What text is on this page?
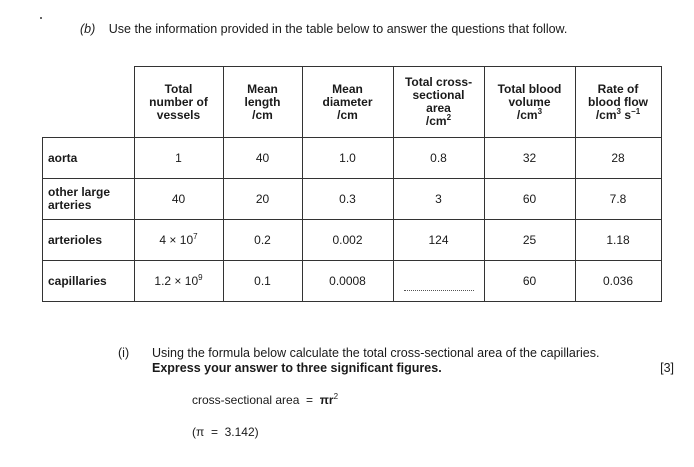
(b) Use the information provided in the table below to answer the questions that follow.
	Total
number of
vessels	Mean
length
/cm	Mean
diameter
/cm	Total cross-
sectional
area
$/cm^2$	Total blood
volume
$/cm^3$	Rate of
blood flow
$/cm^3$ $s^{-1}$
aorta	1	40	1.0	0.8	32	28
other large
arteries	40	20	0.3	3	60	7.8
arterioles	$4 \times 10^7$	0.2	0.002	124	25	1.18
capillaries	$1.2 \times 10^9$	0.1	0.0008		60	0.036
(i) Using the formula below calculate the total cross-sectional area of the capillaries.
Express your answer to three significant figures.	[3]
cross-sectional area  =  $\pi r^2$
(π  =  3.142)
